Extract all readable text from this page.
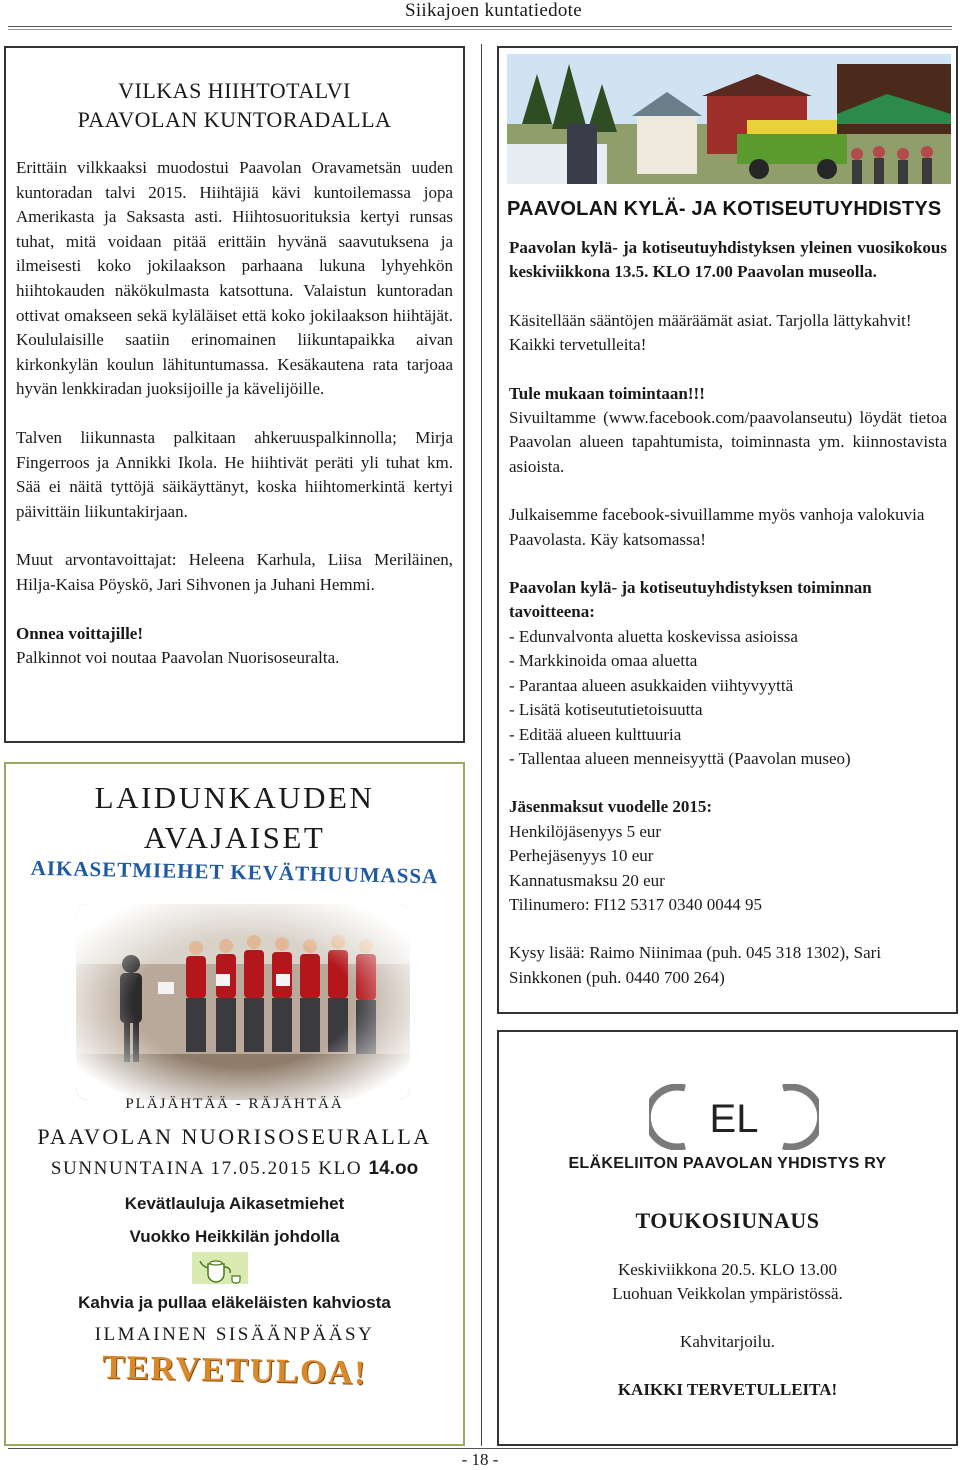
Siikajoen kuntatiedote
VILKAS HIIHTOTALVI
PAAVOLAN KUNTORADALLA

Erittäin vilkkaaksi muodostui Paavolan Oravametsän uuden kuntoradan talvi 2015. Hiihtäjiä kävi kuntoilemassa jopa Amerikasta ja Saksasta asti. Hiihtosuorituksia kertyi runsas tuhat, mitä voidaan pitää erittäin hyvänä saavutuksena ja ilmeisesti koko jokilaakson parhaana lukuna lyhyehkön hiihtokauden näkökulmasta katsottuna. Valaistun kuntoradan ottivat omakseen sekä kyläläiset että koko jokilaakson hiihtäjät. Koululaisille saatiin erinomainen liikuntapaikka aivan kirkonkylän koulun lähituntumassa. Kesäkautena rata tarjoaa hyvän lenkkiradan juoksijoille ja kävelijöille.

Talven liikunnasta palkitaan ahkeruuspalkinnolla; Mirja Fingerroos ja Annikki Ikola. He hiihtivät peräti yli tuhat km. Sää ei näitä tyttöjä säikäyttänyt, koska hiihtomerkintä kertyi päivittäin liikuntakirjaan.

Muut arvontavoittajat: Heleena Karhula, Liisa Meriläinen, Hilja-Kaisa Pöyskö, Jari Sihvonen ja Juhani Hemmi.

Onnea voittajille!
Palkinnot voi noutaa Paavolan Nuorisoseuralta.
LAIDUNKAUDEN
AVAJAISET
AIKASETMIEHET KEVÄTHUUMASSA
PLÄJÄHTÄÄ - RÄJÄHTÄÄ
PAAVOLAN NUORISOSEURALLA
SUNNUNTAINA 17.05.2015 KLO 14.oo
Kevätlauluja Aikasetmiehet
Vuokko Heikkilän johdolla
Kahvia ja pullaa eläkeläisten kahviosta
ILMAINEN SISÄÄNPÄÄSY
TERVETULOA!
PAAVOLAN KYLÄ- JA KOTISEUTUYHDISTYS

Paavolan kylä- ja kotiseutuyhdistyksen yleinen vuosikokous keskiviikkona 13.5. KLO 17.00 Paavolan museolla.

Käsitellään sääntöjen määräämät asiat. Tarjolla lättykahvit! Kaikki tervetulleita!

Tule mukaan toimintaan!!!

Sivuiltamme (www.facebook.com/paavolanseutu) löydät tietoa Paavolan alueen tapahtumista, toiminnasta ym. kiinnostavista asioista.

Julkaisemme facebook-sivuillamme myös vanhoja valokuvia Paavolasta. Käy katsomassa!

Paavolan kylä- ja kotiseutuyhdistyksen toiminnan tavoitteena:

- Edunvalvonta aluetta koskevissa asioissa

- Markkinoida omaa aluetta

- Parantaa alueen asukkaiden viihtyvyyttä

- Lisätä kotiseututietoisuutta

- Editää alueen kulttuuria

- Tallentaa alueen menneisyyttä (Paavolan museo)

Jäsenmaksut vuodelle 2015:

Henkilöjäsenyys 5 eur

Perhejäsenyys 10 eur

Kannatusmaksu 20 eur

Tilinumero: FI12 5317 0340 0044 95

Kysy lisää: Raimo Niinimaa (puh. 045 318 1302), Sari Sinkkonen (puh. 0440 700 264)

EL
ELÄKELIITON PAAVOLAN YHDISTYS RY
TOUKOSIUNAUS
Keskiviikkona 20.5. KLO 13.00
Luohuan Veikkolan ympäristössä.
Kahvitarjoilu.
KAIKKI TERVETULLEITA!
- 18 -
